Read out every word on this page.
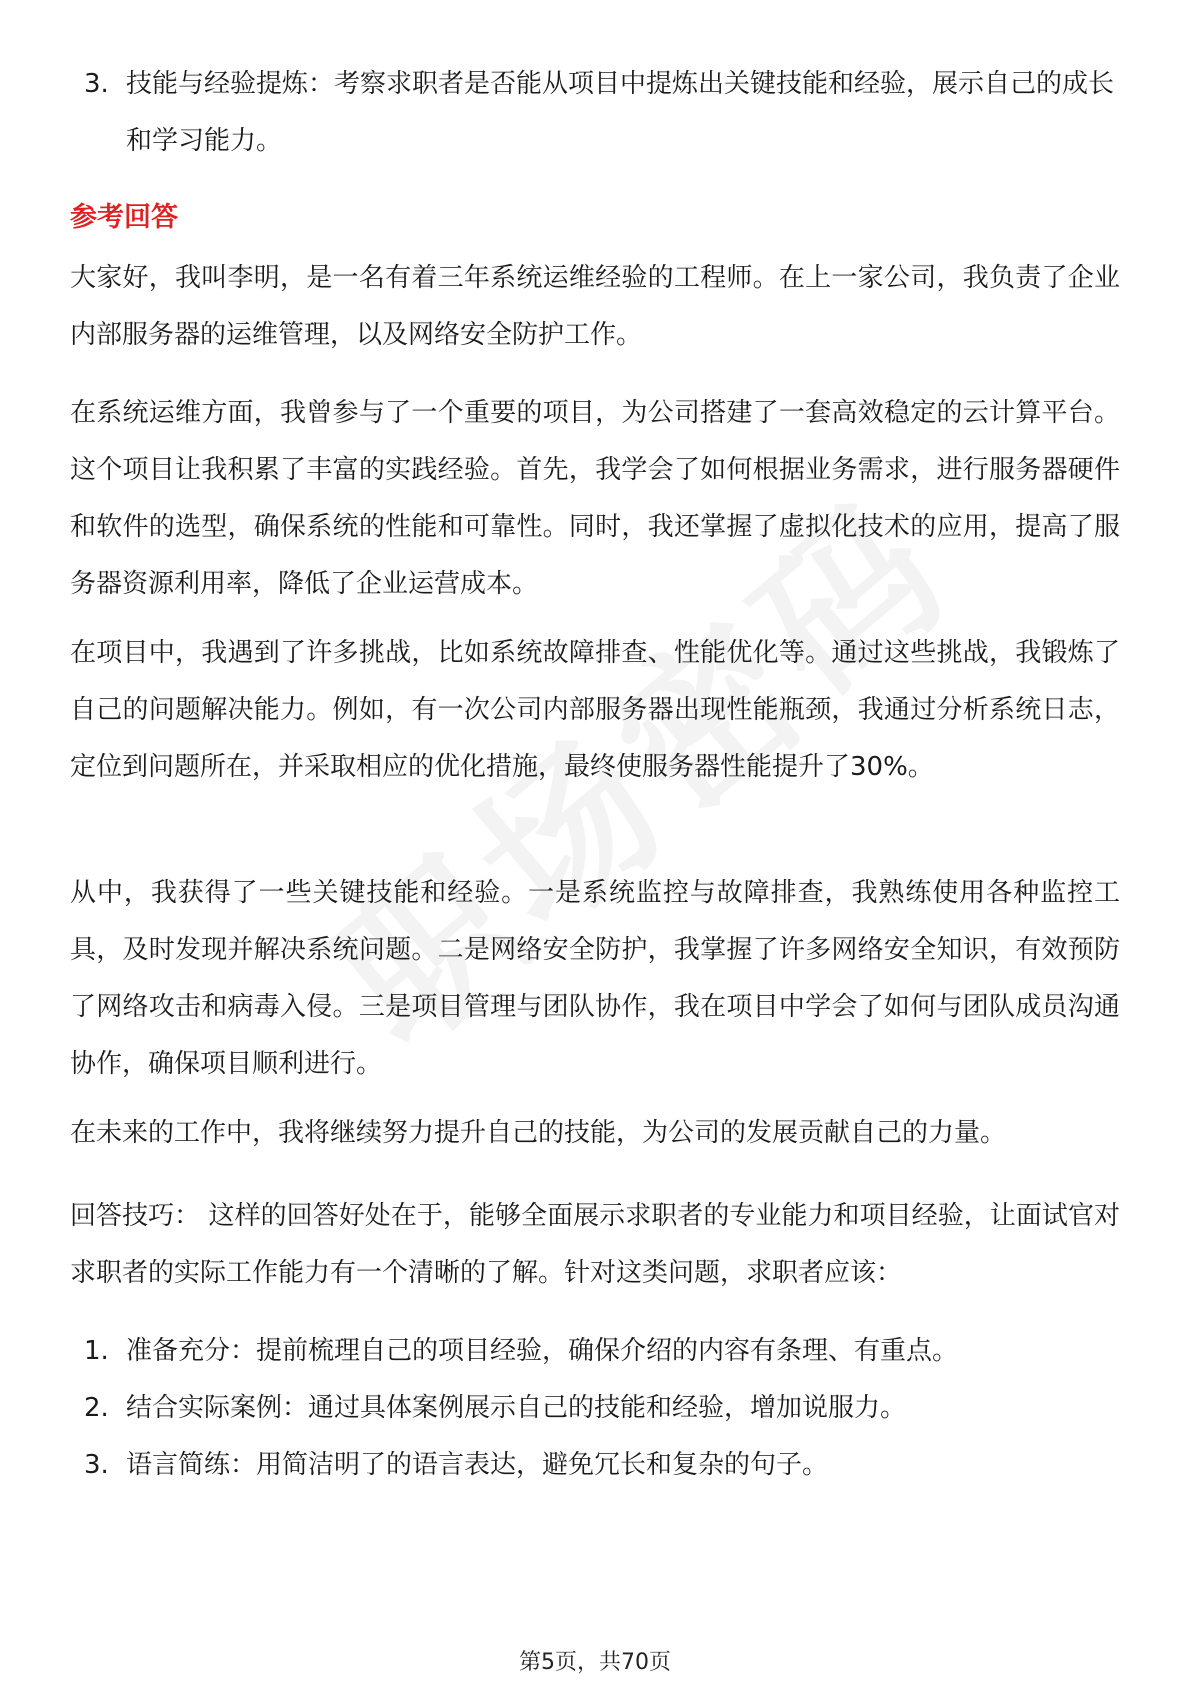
3. 技能与经验提炼：考察求职者是否能从项目中提炼出关键技能和经验，展示自己的成长和学习能力。
参考回答
大家好，我叫李明，是一名有着三年系统运维经验的工程师。在上一家公司，我负责了企业内部服务器的运维管理，以及网络安全防护工作。
在系统运维方面，我曾参与了一个重要的项目，为公司搭建了一套高效稳定的云计算平台。这个项目让我积累了丰富的实践经验。首先，我学会了如何根据业务需求，进行服务器硬件和软件的选型，确保系统的性能和可靠性。同时，我还掌握了虚拟化技术的应用，提高了服务器资源利用率，降低了企业运营成本。
在项目中，我遇到了许多挑战，比如系统故障排查、性能优化等。通过这些挑战，我锻炼了自己的问题解决能力。例如，有一次公司内部服务器出现性能瓶颈，我通过分析系统日志，定位到问题所在，并采取相应的优化措施，最终使服务器性能提升了30%。
从中，我获得了一些关键技能和经验。一是系统监控与故障排查，我熟练使用各种监控工具，及时发现并解决系统问题。二是网络安全防护，我掌握了许多网络安全知识，有效预防了网络攻击和病毒入侵。三是项目管理与团队协作，我在项目中学会了如何与团队成员沟通协作，确保项目顺利进行。
在未来的工作中，我将继续努力提升自己的技能，为公司的发展贡献自己的力量。
回答技巧： 这样的回答好处在于，能够全面展示求职者的专业能力和项目经验，让面试官对求职者的实际工作能力有一个清晰的了解。针对这类问题，求职者应该：
1. 准备充分：提前梳理自己的项目经验，确保介绍的内容有条理、有重点。
2. 结合实际案例：通过具体案例展示自己的技能和经验，增加说服力。
3. 语言简练：用简洁明了的语言表达，避免冗长和复杂的句子。
第5页，共70页
